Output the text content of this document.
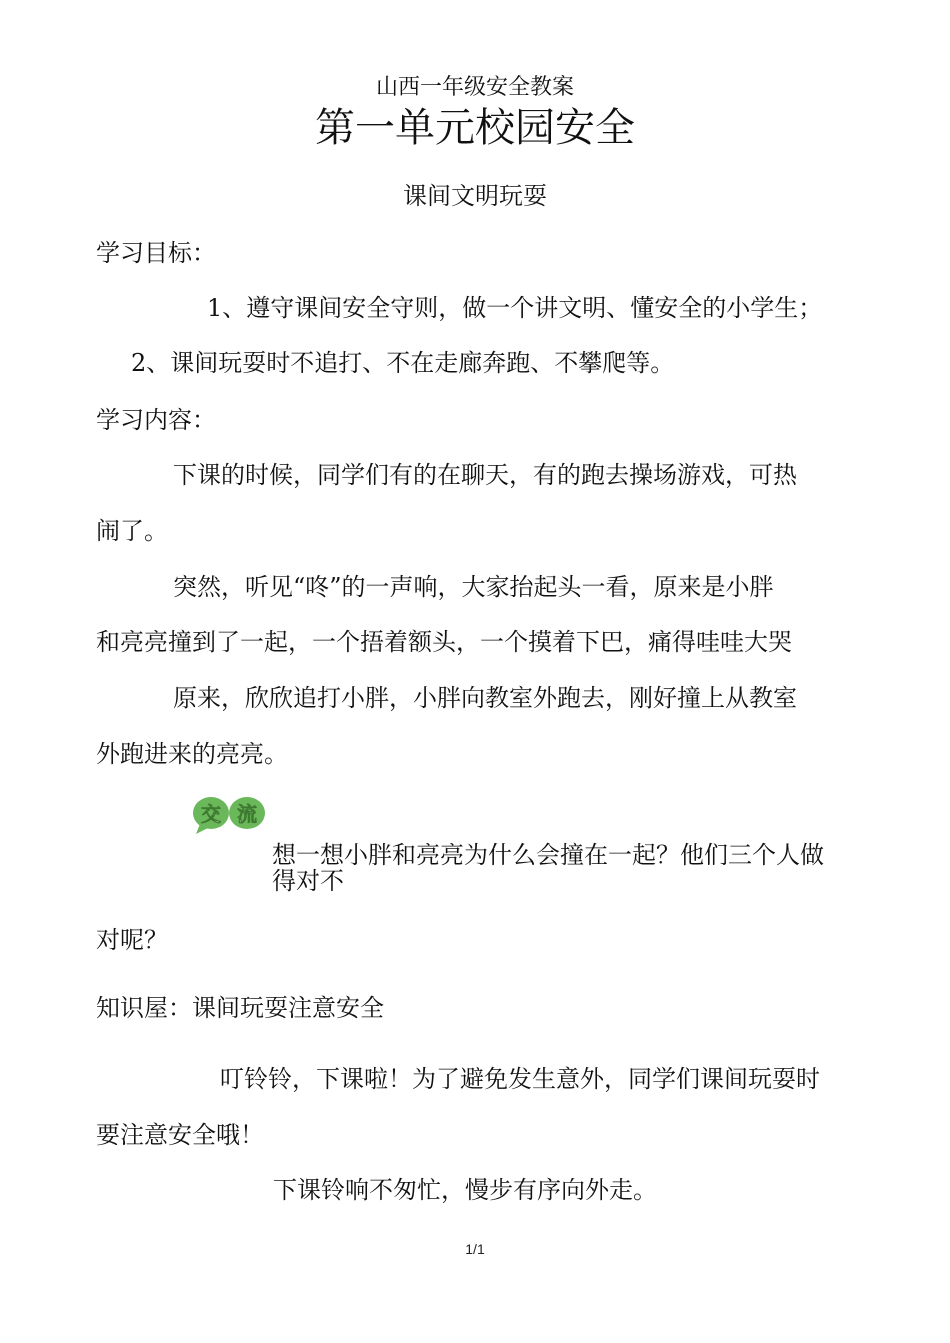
山西一年级安全教案
第一单元校园安全
课间文明玩耍
学习目标：
1、遵守课间安全守则，做一个讲文明、懂安全的小学生；
2、课间玩耍时不追打、不在走廊奔跑、不攀爬等。
学习内容：
下课的时候，同学们有的在聊天，有的跑去操场游戏，可热
闹了。
突然，听见“咚”的一声响，大家抬起头一看，原来是小胖
和亮亮撞到了一起，一个捂着额头，一个摸着下巴，痛得哇哇大哭
原来，欣欣追打小胖，小胖向教室外跑去，刚好撞上从教室
外跑进来的亮亮。
交 流
想一想小胖和亮亮为什么会撞在一起？他们三个人做
得对不
对呢？
知识屋：课间玩耍注意安全
叮铃铃，下课啦！为了避免发生意外，同学们课间玩耍时
要注意安全哦！
下课铃响不匆忙，慢步有序向外走。
1/1
